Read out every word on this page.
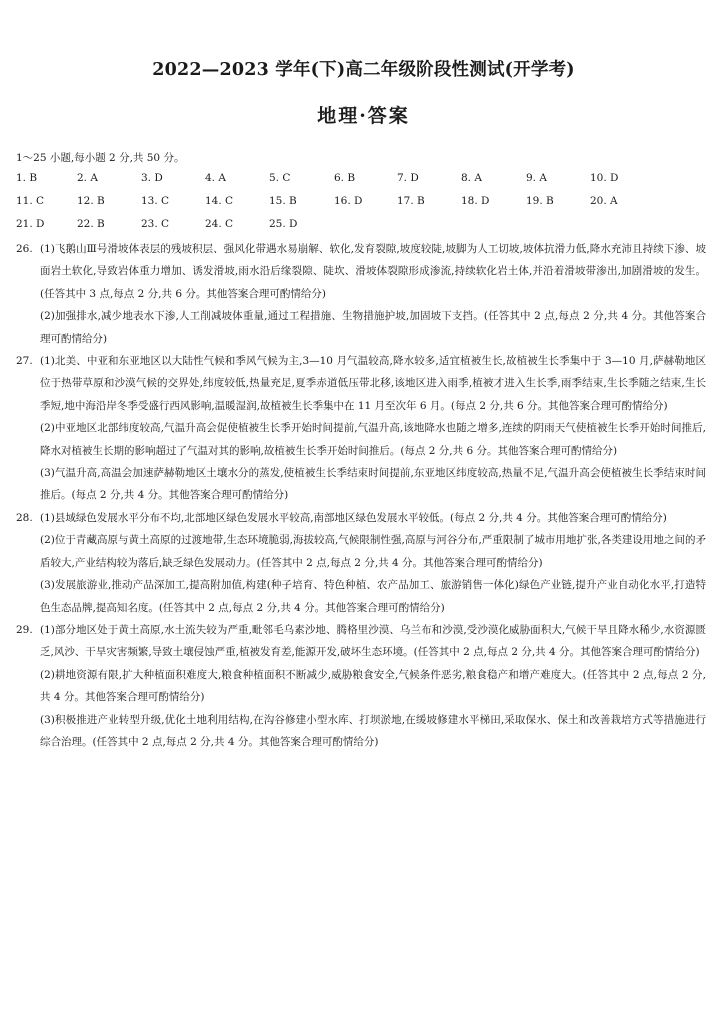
2022—2023 学年(下)高二年级阶段性测试(开学考)
地理·答案
1～25 小题,每小题 2 分,共 50 分。
1. B	2. A	3. D	4. A	5. C	6. B	7. D	8. A	9. A	10. D
11. C	12. B	13. C	14. C	15. B	16. D	17. B	18. D	19. B	20. A
21. D	22. B	23. C	24. C	25. D
26. (1)飞鹅山Ⅲ号滑坡体表层的残坡积层、强风化带遇水易崩解、软化,发育裂隙,坡度较陡,坡脚为人工切坡,坡体抗滑力低,降水充沛且持续下渗、坡面岩土软化,导致岩体重力增加、诱发滑坡,雨水沿后缘裂隙、陡坎、滑坡体裂隙形成渗流,持续软化岩土体,并沿着滑坡带渗出,加剧滑坡的发生。(任答其中 3 点,每点 2 分,共 6 分。其他答案合理可酌情给分)

(2)加强排水,减少地表水下渗,人工削减坡体重量,通过工程措施、生物措施护坡,加固坡下支挡。(任答其中 2 点,每点 2 分,共 4 分。其他答案合理可酌情给分)

27. (1)北美、中亚和东亚地区以大陆性气候和季风气候为主,3—10 月气温较高,降水较多,适宜植被生长,故植被生长季集中于 3—10 月,萨赫勒地区位于热带草原和沙漠气候的交界处,纬度较低,热量充足,夏季赤道低压带北移,该地区进入雨季,植被才进入生长季,雨季结束,生长季随之结束,生长季短,地中海沿岸冬季受盛行西风影响,温暖湿润,故植被生长季集中在 11 月至次年 6 月。(每点 2 分,共 6 分。其他答案合理可酌情给分)

(2)中亚地区北部纬度较高,气温升高会促使植被生长季开始时间提前,气温升高,该地降水也随之增多,连续的阴雨天气使植被生长季开始时间推后,降水对植被生长期的影响超过了气温对其的影响,故植被生长季开始时间推后。(每点 2 分,共 6 分。其他答案合理可酌情给分)

(3)气温升高,高温会加速萨赫勒地区土壤水分的蒸发,使植被生长季结束时间提前,东亚地区纬度较高,热量不足,气温升高会使植被生长季结束时间推后。(每点 2 分,共 4 分。其他答案合理可酌情给分)

28. (1)县域绿色发展水平分布不均,北部地区绿色发展水平较高,南部地区绿色发展水平较低。(每点 2 分,共 4 分。其他答案合理可酌情给分)

(2)位于青藏高原与黄土高原的过渡地带,生态环境脆弱,海拔较高,气候限制性强,高原与河谷分布,严重限制了城市用地扩张,各类建设用地之间的矛盾较大,产业结构较为落后,缺乏绿色发展动力。(任答其中 2 点,每点 2 分,共 4 分。其他答案合理可酌情给分)

(3)发展旅游业,推动产品深加工,提高附加值,构建(种子培育、特色种植、农产品加工、旅游销售一体化)绿色产业链,提升产业自动化水平,打造特色生态品牌,提高知名度。(任答其中 2 点,每点 2 分,共 4 分。其他答案合理可酌情给分)

29. (1)部分地区处于黄土高原,水土流失较为严重,毗邻毛乌素沙地、腾格里沙漠、乌兰布和沙漠,受沙漠化威胁面积大,气候干旱且降水稀少,水资源匮乏,风沙、干旱灾害频繁,导致土壤侵蚀严重,植被发育差,能源开发,破坏生态环境。(任答其中 2 点,每点 2 分,共 4 分。其他答案合理可酌情给分)

(2)耕地资源有限,扩大种植面积难度大,粮食种植面积不断减少,威胁粮食安全,气候条件恶劣,粮食稳产和增产难度大。(任答其中 2 点,每点 2 分,共 4 分。其他答案合理可酌情给分)

(3)积极推进产业转型升级,优化土地利用结构,在沟谷修建小型水库、打坝淤地,在缓坡修建水平梯田,采取保水、保土和改善栽培方式等措施进行综合治理。(任答其中 2 点,每点 2 分,共 4 分。其他答案合理可酌情给分)
